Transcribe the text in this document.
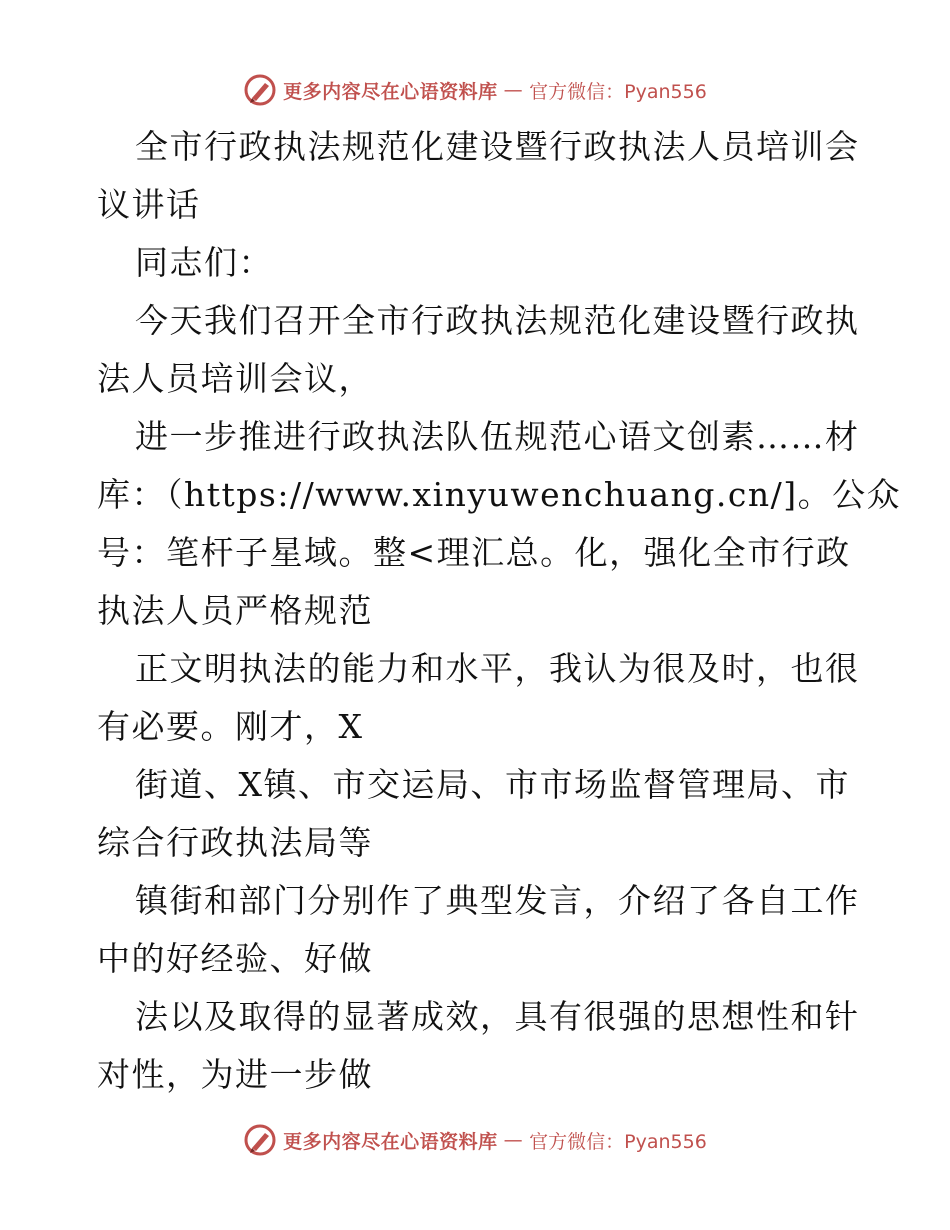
更多内容尽在心语资料库 — 官方微信：Pyan556
全市行政执法规范化建设暨行政执法人员培训会
议讲话
同志们：
今天我们召开全市行政执法规范化建设暨行政执
法人员培训会议，
进一步推进行政执法队伍规范心语文创素……材
库：（https://www.xinyuwenchuang.cn/]。公众
号：笔杆子星域。整<理汇总。化，强化全市行政
执法人员严格规范
正文明执法的能力和水平，我认为很及时，也很
有必要。刚才，X
街道、X镇、市交运局、市市场监督管理局、市
综合行政执法局等
镇街和部门分别作了典型发言，介绍了各自工作
中的好经验、好做
法以及取得的显著成效，具有很强的思想性和针
对性，为进一步做
更多内容尽在心语资料库 — 官方微信：Pyan556
